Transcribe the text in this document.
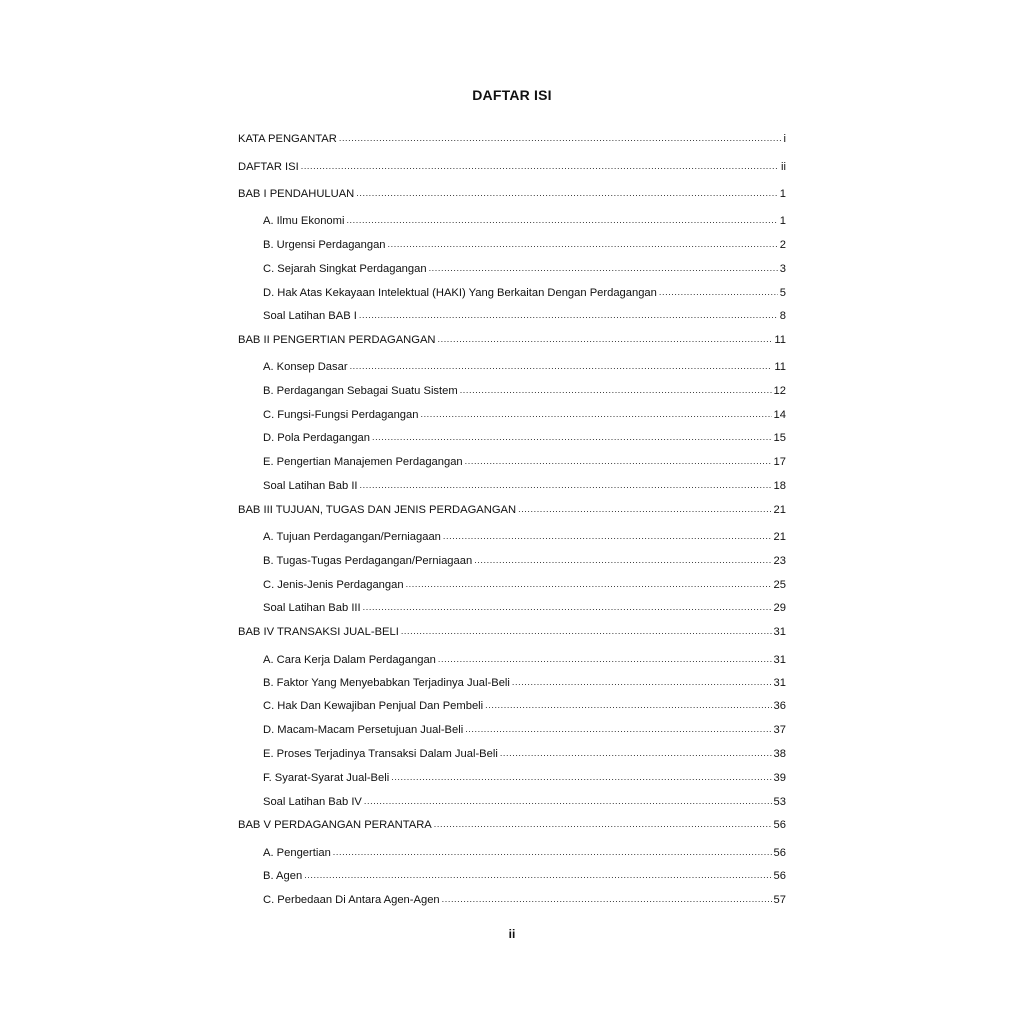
DAFTAR ISI
KATA PENGANTAR .....	i
DAFTAR ISI .....	ii
BAB I PENDAHULUAN .....	1
A. Ilmu Ekonomi .....	1
B. Urgensi Perdagangan .....	2
C. Sejarah Singkat Perdagangan .....	3
D. Hak Atas Kekayaan Intelektual (HAKI) Yang Berkaitan Dengan Perdagangan .....	5
Soal Latihan BAB I .....	8
BAB II PENGERTIAN PERDAGANGAN .....	11
A. Konsep Dasar .....	11
B. Perdagangan Sebagai Suatu Sistem .....	12
C. Fungsi-Fungsi Perdagangan .....	14
D. Pola Perdagangan .....	15
E. Pengertian Manajemen Perdagangan .....	17
Soal Latihan Bab II .....	18
BAB III TUJUAN, TUGAS DAN JENIS PERDAGANGAN .....	21
A. Tujuan Perdagangan/Perniagaan .....	21
B. Tugas-Tugas Perdagangan/Perniagaan .....	23
C. Jenis-Jenis Perdagangan .....	25
Soal Latihan Bab III .....	29
BAB IV TRANSAKSI JUAL-BELI .....	31
A. Cara Kerja Dalam Perdagangan .....	31
B. Faktor Yang Menyebabkan Terjadinya Jual-Beli .....	31
C. Hak Dan Kewajiban Penjual Dan Pembeli .....	36
D. Macam-Macam Persetujuan Jual-Beli .....	37
E. Proses Terjadinya Transaksi Dalam Jual-Beli .....	38
F. Syarat-Syarat Jual-Beli .....	39
Soal Latihan Bab IV .....	53
BAB V PERDAGANGAN PERANTARA .....	56
A. Pengertian .....	56
B. Agen .....	56
C. Perbedaan Di Antara Agen-Agen .....	57
ii
